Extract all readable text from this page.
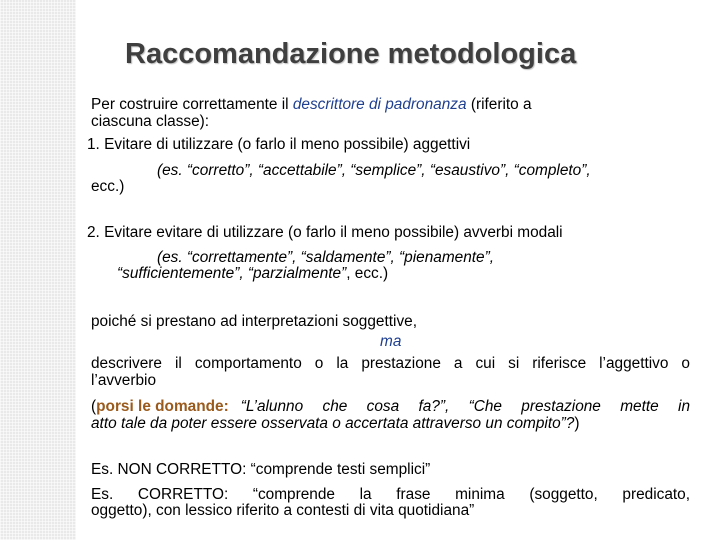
Raccomandazione metodologica
Per costruire correttamente il descrittore di padronanza (riferito a
ciascuna classe):
1. Evitare di utilizzare (o farlo il meno possibile) aggettivi
(es. “corretto”, “accettabile”, “semplice”, “esaustivo”, “completo”,
ecc.)
2. Evitare evitare di utilizzare (o farlo il meno possibile) avverbi modali
(es. “correttamente”, “saldamente”, “pienamente”,
“sufficientemente”, “parzialmente”, ecc.)
poiché si prestano ad interpretazioni soggettive,
ma
descrivere il comportamento o la prestazione a cui si riferisce l’aggettivo o
l’avverbio
(porsi le domande: “L’alunno che cosa fa?”, “Che prestazione mette in
atto tale da poter essere osservata o accertata attraverso un compito”?)
Es. NON CORRETTO: “comprende testi semplici”
Es. CORRETTO: “comprende la frase minima (soggetto, predicato,
oggetto), con lessico riferito a contesti di vita quotidiana”
